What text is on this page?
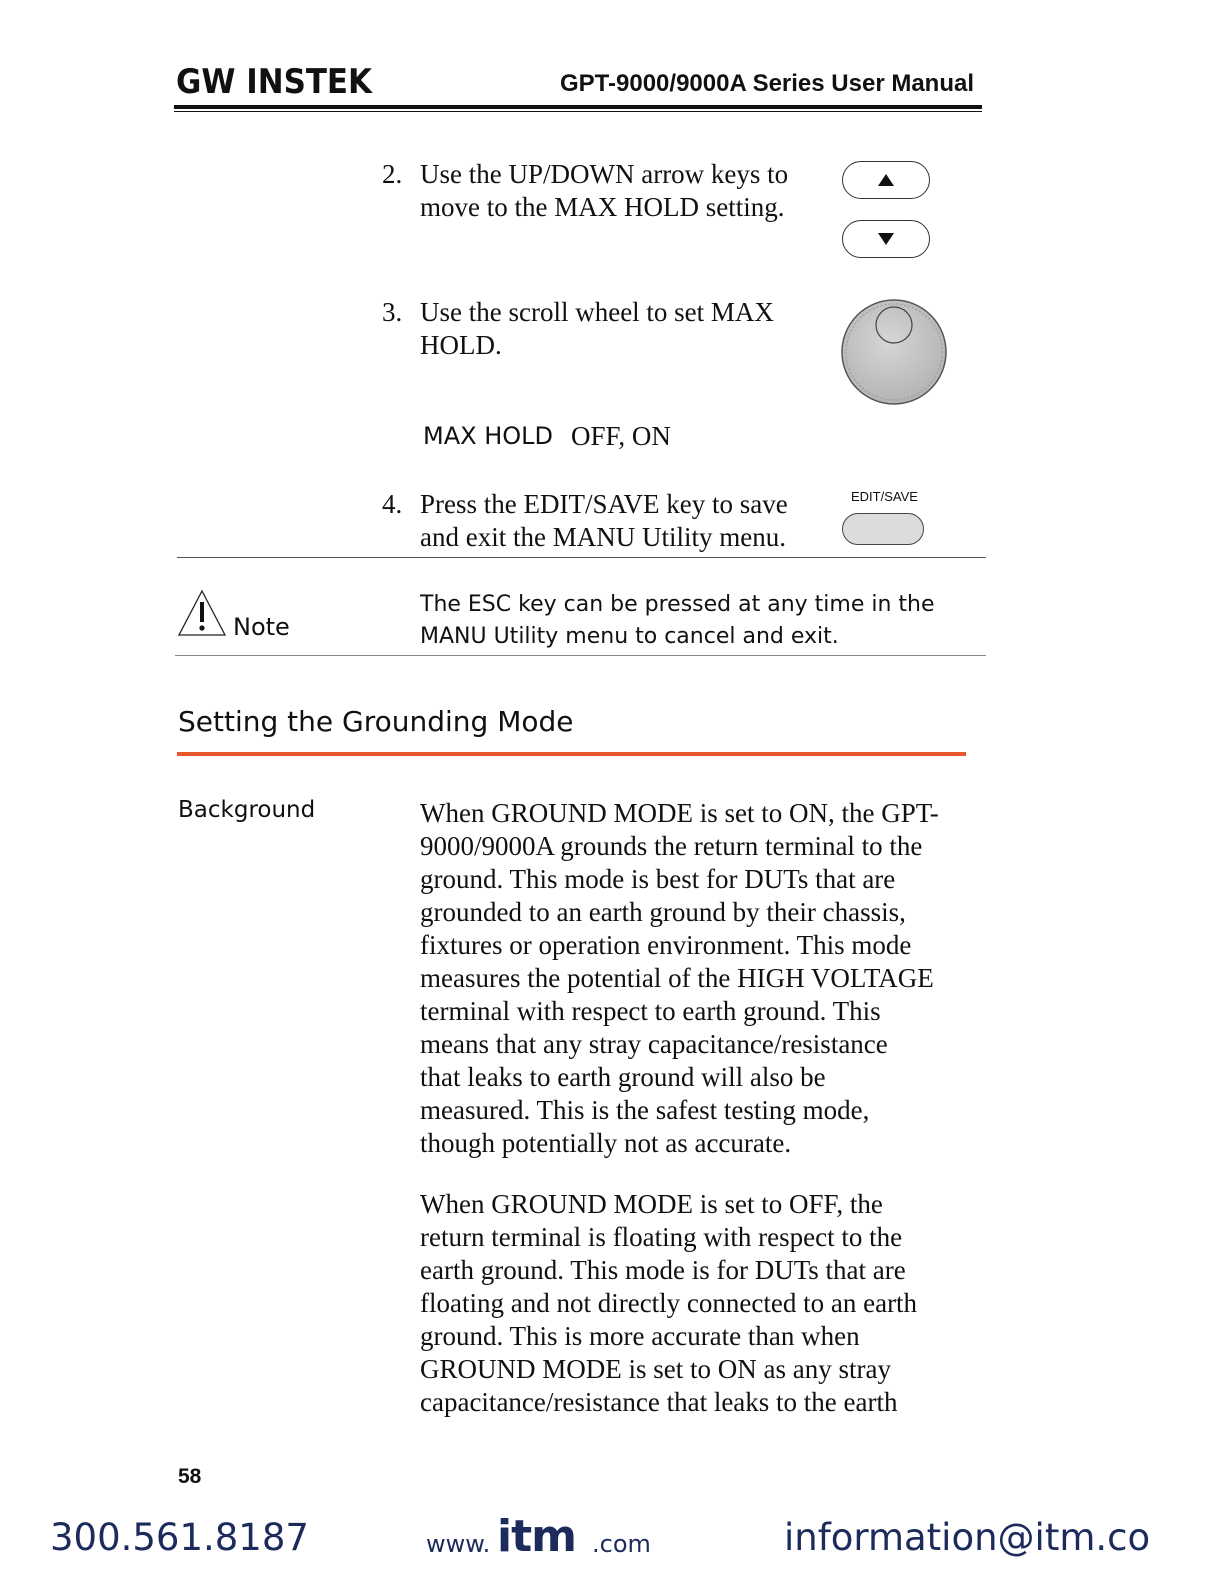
GW INSTEK	GPT-9000/9000A Series User Manual
2. Use the UP/DOWN arrow keys to
move to the MAX HOLD setting.
3. Use the scroll wheel to set MAX
HOLD.
MAX HOLD OFF, ON
4. Press the EDIT/SAVE key to save
and exit the MANU Utility menu.
EDIT/SAVE
Note
The ESC key can be pressed at any time in the
MANU Utility menu to cancel and exit.
Setting the Grounding Mode
Background	When GROUND MODE is set to ON, the GPT-
9000/9000A grounds the return terminal to the
ground. This mode is best for DUTs that are
grounded to an earth ground by their chassis,
fixtures or operation environment. This mode
measures the potential of the HIGH VOLTAGE
terminal with respect to earth ground. This
means that any stray capacitance/resistance
that leaks to earth ground will also be
measured. This is the safest testing mode,
though potentially not as accurate.
When GROUND MODE is set to OFF, the
return terminal is floating with respect to the
earth ground. This mode is for DUTs that are
floating and not directly connected to an earth
ground. This is more accurate than when
GROUND MODE is set to ON as any stray
capacitance/resistance that leaks to the earth
58
300.561.8187	www. itm .com	information@itm.co
